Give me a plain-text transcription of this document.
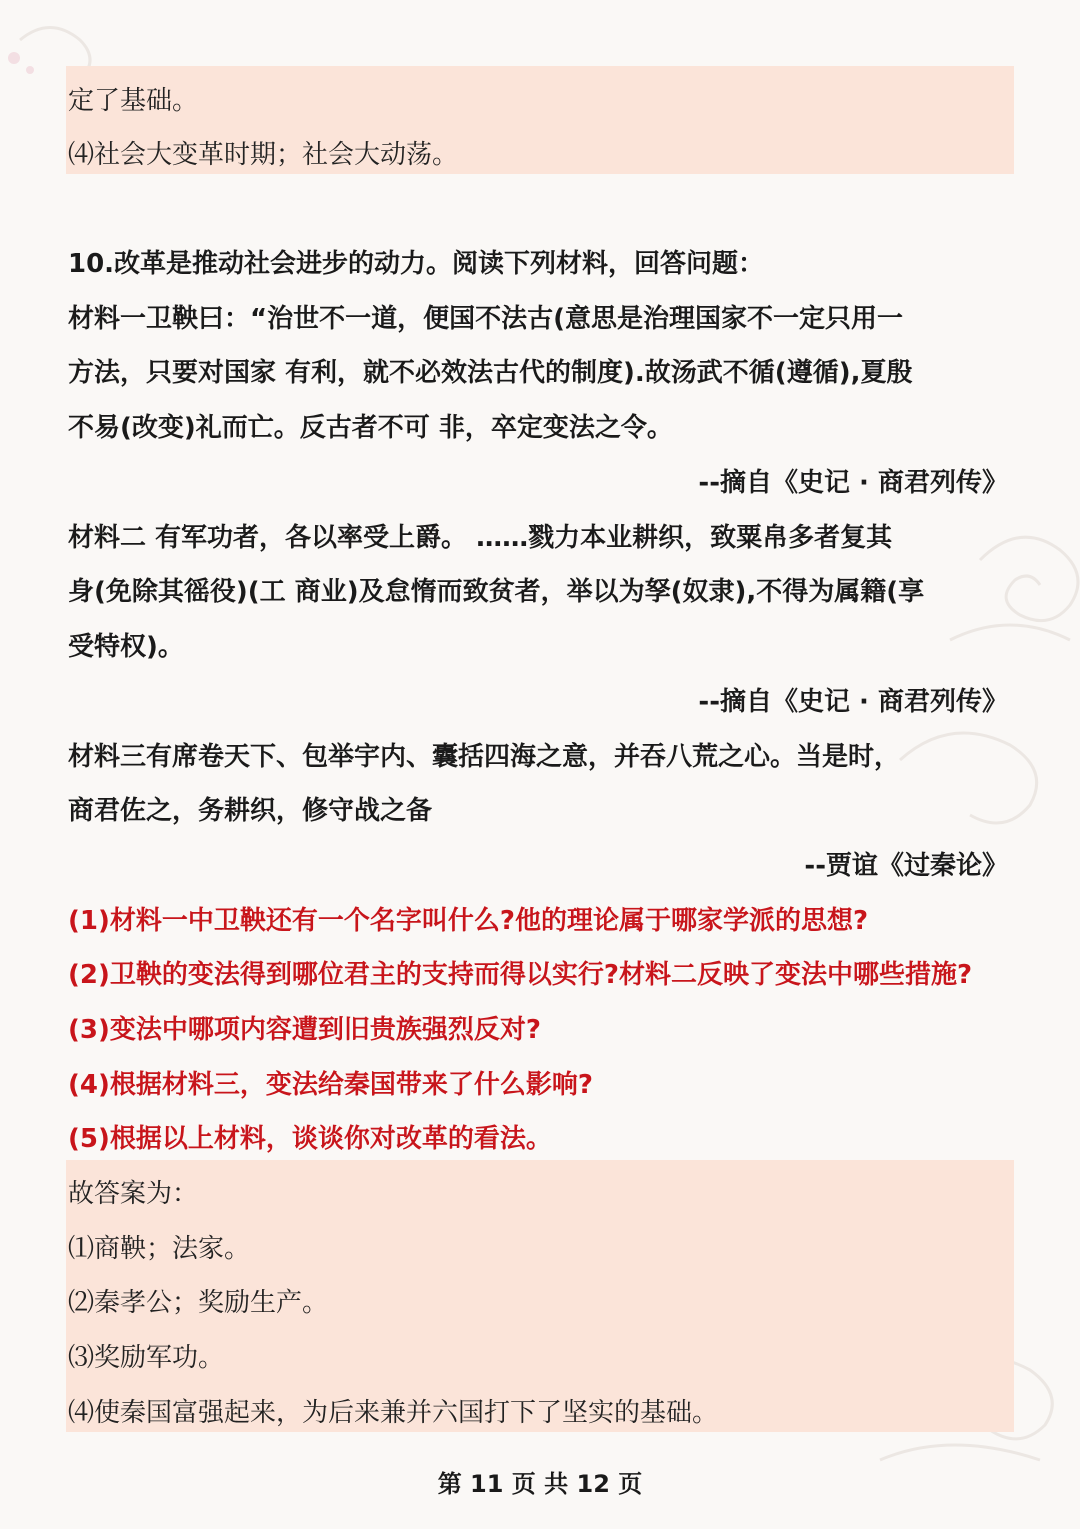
定了基础。
⑷社会大变革时期；社会大动荡。
10.改革是推动社会进步的动力。阅读下列材料，回答问题：
材料一卫鞅曰：“治世不一道，便国不法古(意思是治理国家不一定只用一
方法，只要对国家 有利，就不必效法古代的制度).故汤武不循(遵循),夏殷
不易(改变)礼而亡。反古者不可 非，卒定变法之令。
--摘自《史记 · 商君列传》
材料二 有军功者，各以率受上爵。 ……戮力本业耕织，致粟帛多者复其
身(免除其徭役)(工 商业)及怠惰而致贫者，举以为孥(奴隶),不得为属籍(享
受特权)。
--摘自《史记 · 商君列传》
材料三有席卷天下、包举宇内、囊括四海之意，并吞八荒之心。当是时，
商君佐之，务耕织，修守战之备
--贾谊《过秦论》
(1)材料一中卫鞅还有一个名字叫什么?他的理论属于哪家学派的思想?
(2)卫鞅的变法得到哪位君主的支持而得以实行?材料二反映了变法中哪些措施?
(3)变法中哪项内容遭到旧贵族强烈反对?
(4)根据材料三，变法给秦国带来了什么影响?
(5)根据以上材料，谈谈你对改革的看法。
故答案为：
⑴商鞅；法家。
⑵秦孝公；奖励生产。
⑶奖励军功。
⑷使秦国富强起来，为后来兼并六国打下了坚实的基础。
第 11 页 共 12 页
